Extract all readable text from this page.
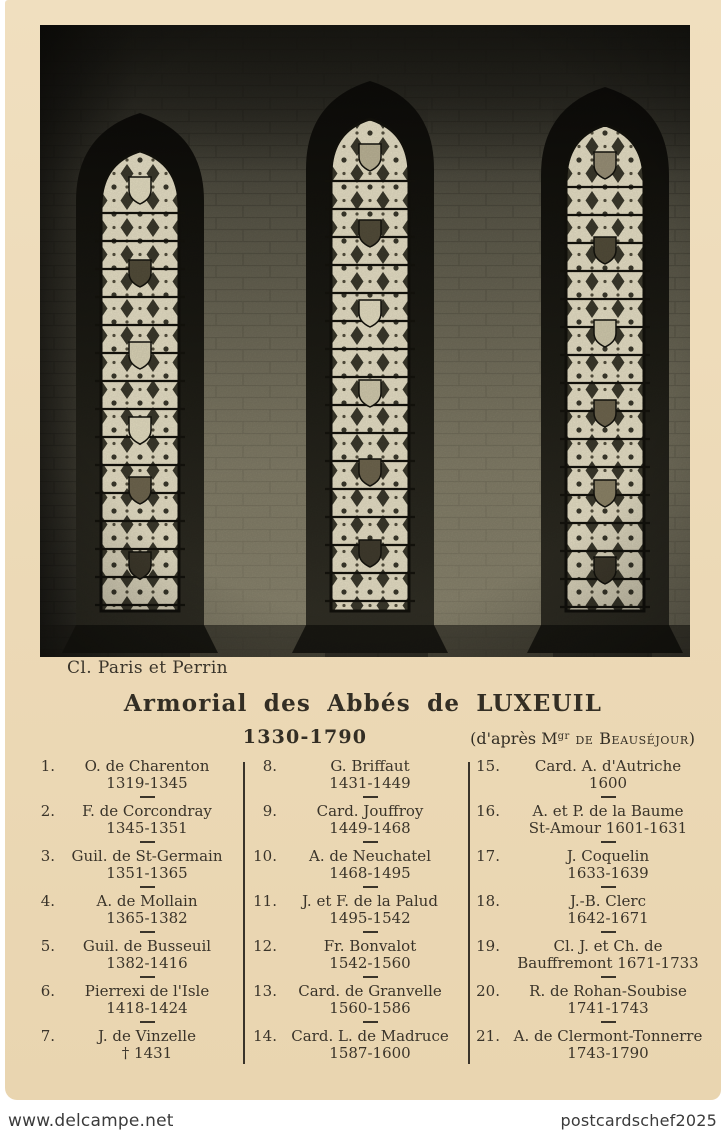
Cl. Paris et Perrin
Armorial des Abbés de LUXEUIL
1330-1790	(d'après $M^{gr}$ de Beauséjour)
1.	O. de Charenton
1319-1345
2.	F. de Corcondray
1345-1351
3.	Guil. de St-Germain
1351-1365
4.	A. de Mollain
1365-1382
5.	Guil. de Busseuil
1382-1416
6.	Pierrexi de l'Isle
1418-1424
7.	J. de Vinzelle
† 1431
8.	G. Briffaut
1431-1449
9.	Card. Jouffroy
1449-1468
10.	A. de Neuchatel
1468-1495
11.	J. et F. de la Palud
1495-1542
12.	Fr. Bonvalot
1542-1560
13.	Card. de Granvelle
1560-1586
14. Card. L. de Madruce
1587-1600
15.	Card. A. d'Autriche
1600
16.	A. et P. de la Baume
St-Amour 1601-1631
17.	J. Coquelin
1633-1639
18.	J.-B. Clerc
1642-1671
19.	Cl. J. et Ch. de
Bauffremont 1671-1733
20.	R. de Rohan-Soubise
1741-1743
21. A. de Clermont-Tonnerre
1743-1790
www.delcampe.net	postcardschef2025
